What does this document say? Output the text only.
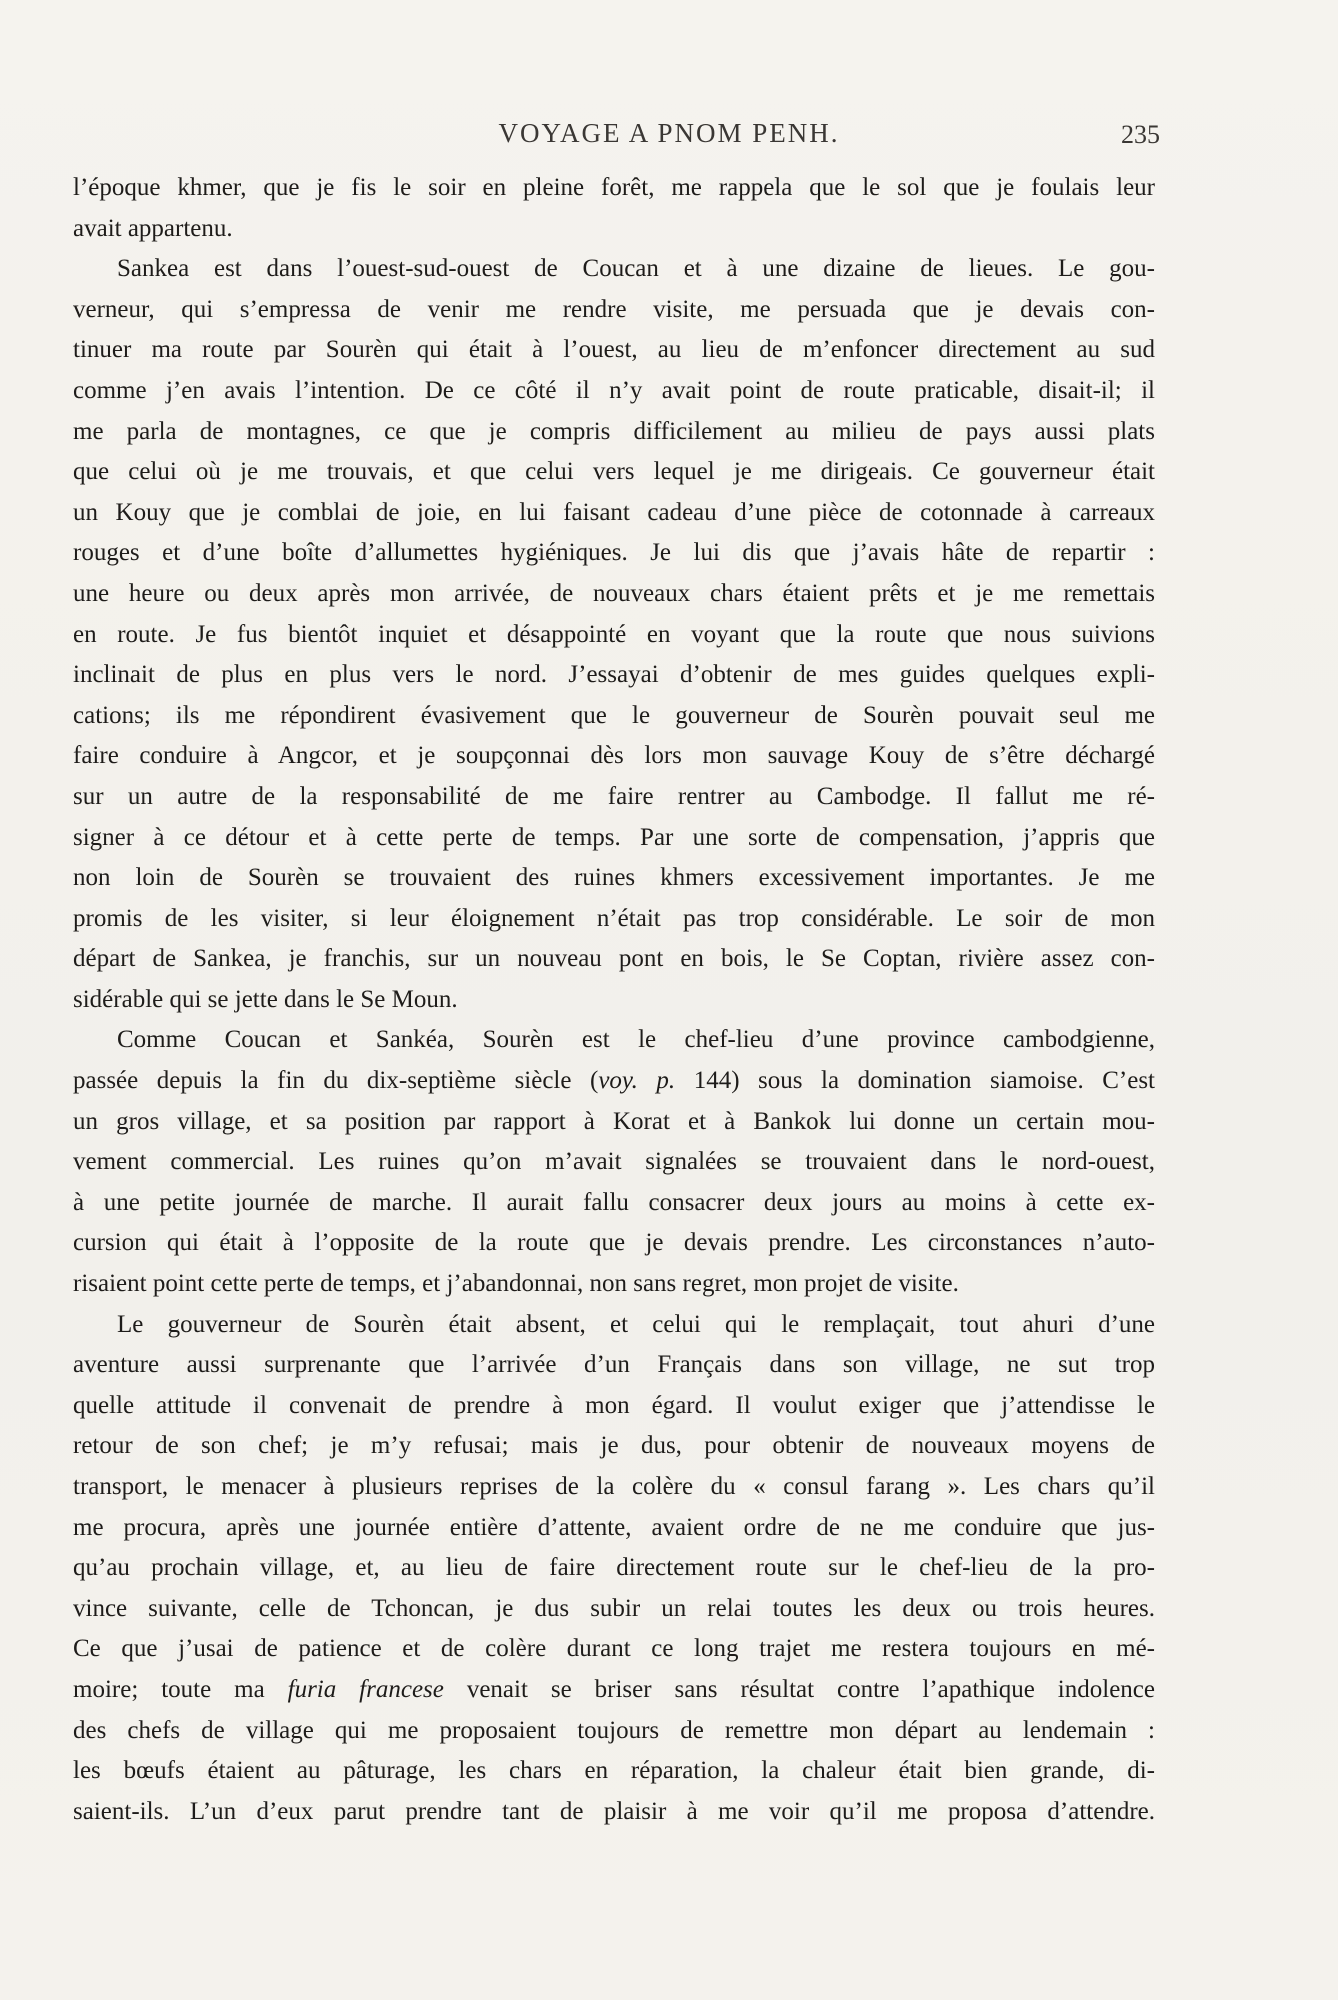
VOYAGE A PNOM PENH.	235
l’époque khmer, que je fis le soir en pleine forêt, me rappela que le sol que je foulais leur
avait appartenu.
Sankea est dans l’ouest-sud-ouest de Coucan et à une dizaine de lieues. Le gou-
verneur, qui s’empressa de venir me rendre visite, me persuada que je devais con-
tinuer ma route par Sourèn qui était à l’ouest, au lieu de m’enfoncer directement au sud
comme j’en avais l’intention. De ce côté il n’y avait point de route praticable, disait-il; il
me parla de montagnes, ce que je compris difficilement au milieu de pays aussi plats
que celui où je me trouvais, et que celui vers lequel je me dirigeais. Ce gouverneur était
un Kouy que je comblai de joie, en lui faisant cadeau d’une pièce de cotonnade à carreaux
rouges et d’une boîte d’allumettes hygiéniques. Je lui dis que j’avais hâte de repartir :
une heure ou deux après mon arrivée, de nouveaux chars étaient prêts et je me remettais
en route. Je fus bientôt inquiet et désappointé en voyant que la route que nous suivions
inclinait de plus en plus vers le nord. J’essayai d’obtenir de mes guides quelques expli-
cations; ils me répondirent évasivement que le gouverneur de Sourèn pouvait seul me
faire conduire à Angcor, et je soupçonnai dès lors mon sauvage Kouy de s’être déchargé
sur un autre de la responsabilité de me faire rentrer au Cambodge. Il fallut me ré-
signer à ce détour et à cette perte de temps. Par une sorte de compensation, j’appris que
non loin de Sourèn se trouvaient des ruines khmers excessivement importantes. Je me
promis de les visiter, si leur éloignement n’était pas trop considérable. Le soir de mon
départ de Sankea, je franchis, sur un nouveau pont en bois, le Se Coptan, rivière assez con-
sidérable qui se jette dans le Se Moun.
Comme Coucan et Sankéa, Sourèn est le chef-lieu d’une province cambodgienne,
passée depuis la fin du dix-septième siècle (voy. p. 144) sous la domination siamoise. C’est
un gros village, et sa position par rapport à Korat et à Bankok lui donne un certain mou-
vement commercial. Les ruines qu’on m’avait signalées se trouvaient dans le nord-ouest,
à une petite journée de marche. Il aurait fallu consacrer deux jours au moins à cette ex-
cursion qui était à l’opposite de la route que je devais prendre. Les circonstances n’auto-
risaient point cette perte de temps, et j’abandonnai, non sans regret, mon projet de visite.
Le gouverneur de Sourèn était absent, et celui qui le remplaçait, tout ahuri d’une
aventure aussi surprenante que l’arrivée d’un Français dans son village, ne sut trop
quelle attitude il convenait de prendre à mon égard. Il voulut exiger que j’attendisse le
retour de son chef; je m’y refusai; mais je dus, pour obtenir de nouveaux moyens de
transport, le menacer à plusieurs reprises de la colère du « consul farang ». Les chars qu’il
me procura, après une journée entière d’attente, avaient ordre de ne me conduire que jus-
qu’au prochain village, et, au lieu de faire directement route sur le chef-lieu de la pro-
vince suivante, celle de Tchoncan, je dus subir un relai toutes les deux ou trois heures.
Ce que j’usai de patience et de colère durant ce long trajet me restera toujours en mé-
moire; toute ma furia francese venait se briser sans résultat contre l’apathique indolence
des chefs de village qui me proposaient toujours de remettre mon départ au lendemain :
les bœufs étaient au pâturage, les chars en réparation, la chaleur était bien grande, di-
saient-ils. L’un d’eux parut prendre tant de plaisir à me voir qu’il me proposa d’attendre.
